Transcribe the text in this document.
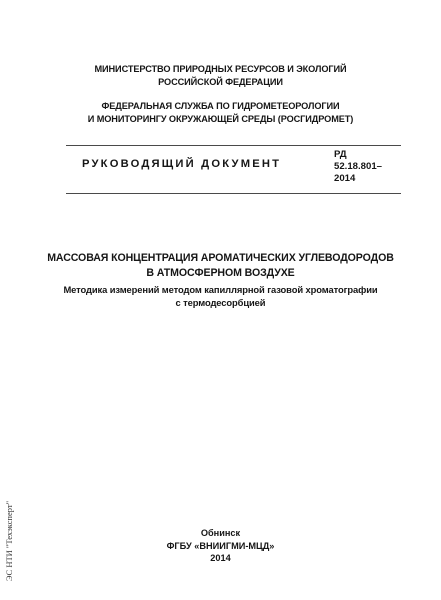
МИНИСТЕРСТВО ПРИРОДНЫХ РЕСУРСОВ И ЭКОЛОГИЙ
РОССИЙСКОЙ ФЕДЕРАЦИИ
ФЕДЕРАЛЬНАЯ СЛУЖБА ПО ГИДРОМЕТЕОРОЛОГИИ
И МОНИТОРИНГУ ОКРУЖАЮЩЕЙ СРЕДЫ (РОСГИДРОМЕТ)
РУКОВОДЯЩИЙ ДОКУМЕНТ
РД
52.18.801–
2014
МАССОВАЯ КОНЦЕНТРАЦИЯ АРОМАТИЧЕСКИХ УГЛЕВОДОРОДОВ
В АТМОСФЕРНОМ ВОЗДУХЕ
Методика измерений методом капиллярной газовой хроматографии
с термодесорбцией
Обнинск
ФГБУ «ВНИИГМИ-МЦД»
2014
ЭС НТИ "Техэксперт"
